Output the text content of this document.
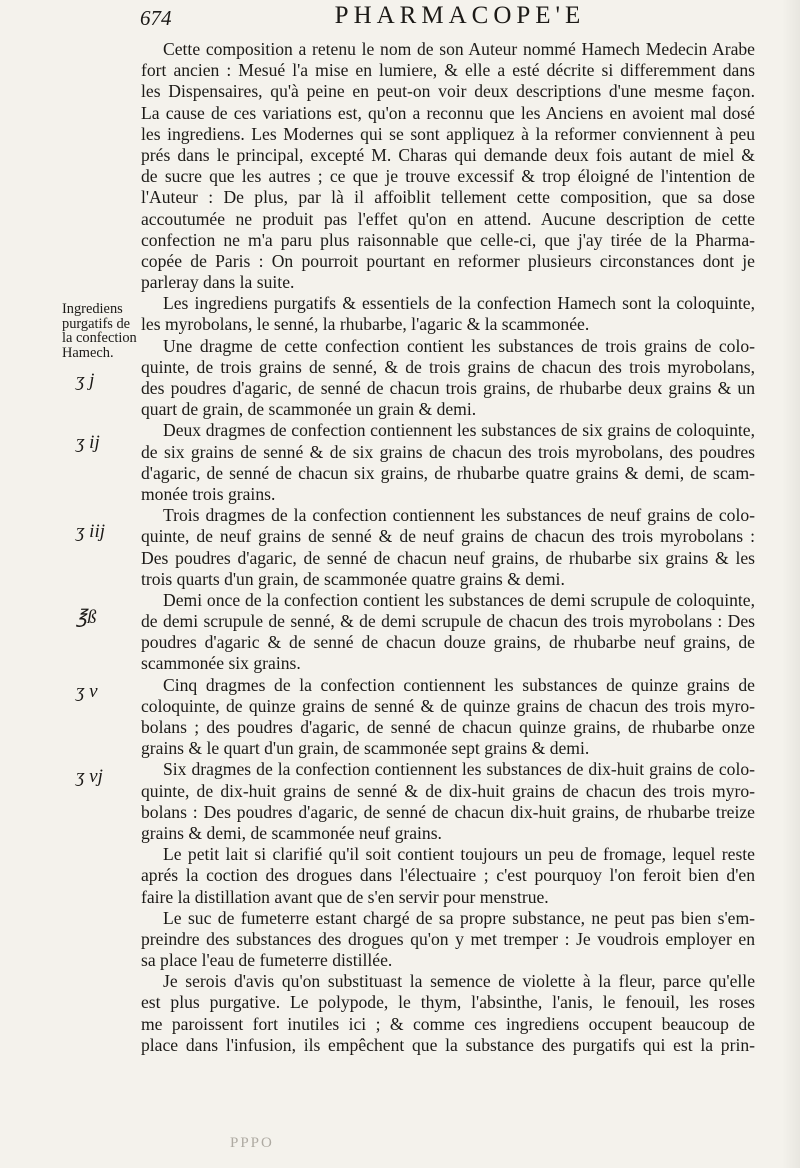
674	PHARMACOPE'E
Ingrediens
purgatifs de
la confection
Hamech.
ʒ j
ʒ ij
ʒ iij
℥ß
ʒ v
ʒ vj
Cette composition a retenu le nom de son Auteur nommé Hamech Medecin Arabe
fort ancien : Mesué l'a mise en lumiere, & elle a esté décrite si differemment dans
les Dispensaires, qu'à peine en peut-on voir deux descriptions d'une mesme façon.
La cause de ces variations est, qu'on a reconnu que les Anciens en avoient mal dosé
les ingrediens. Les Modernes qui se sont appliquez à la reformer conviennent à peu
prés dans le principal, excepté M. Charas qui demande deux fois autant de miel &
de sucre que les autres ; ce que je trouve excessif & trop éloigné de l'intention de
l'Auteur : De plus, par là il affoiblit tellement cette composition, que sa dose
accoutumée ne produit pas l'effet qu'on en attend. Aucune description de cette
confection ne m'a paru plus raisonnable que celle-ci, que j'ay tirée de la Pharma-
copée de Paris : On pourroit pourtant en reformer plusieurs circonstances dont je
parleray dans la suite.
Les ingrediens purgatifs & essentiels de la confection Hamech sont la coloquinte,
les myrobolans, le senné, la rhubarbe, l'agaric & la scammonée.
Une dragme de cette confection contient les substances de trois grains de colo-
quinte, de trois grains de senné, & de trois grains de chacun des trois myrobolans,
des poudres d'agaric, de senné de chacun trois grains, de rhubarbe deux grains & un
quart de grain, de scammonée un grain & demi.
Deux dragmes de confection contiennent les substances de six grains de coloquinte,
de six grains de senné & de six grains de chacun des trois myrobolans, des poudres
d'agaric, de senné de chacun six grains, de rhubarbe quatre grains & demi, de scam-
monée trois grains.
Trois dragmes de la confection contiennent les substances de neuf grains de colo-
quinte, de neuf grains de senné & de neuf grains de chacun des trois myrobolans :
Des poudres d'agaric, de senné de chacun neuf grains, de rhubarbe six grains & les
trois quarts d'un grain, de scammonée quatre grains & demi.
Demi once de la confection contient les substances de demi scrupule de coloquinte,
de demi scrupule de senné, & de demi scrupule de chacun des trois myrobolans : Des
poudres d'agaric & de senné de chacun douze grains, de rhubarbe neuf grains, de
scammonée six grains.
Cinq dragmes de la confection contiennent les substances de quinze grains de
coloquinte, de quinze grains de senné & de quinze grains de chacun des trois myro-
bolans ; des poudres d'agaric, de senné de chacun quinze grains, de rhubarbe onze
grains & le quart d'un grain, de scammonée sept grains & demi.
Six dragmes de la confection contiennent les substances de dix-huit grains de colo-
quinte, de dix-huit grains de senné & de dix-huit grains de chacun des trois myro-
bolans : Des poudres d'agaric, de senné de chacun dix-huit grains, de rhubarbe treize
grains & demi, de scammonée neuf grains.
Le petit lait si clarifié qu'il soit contient toujours un peu de fromage, lequel reste
aprés la coction des drogues dans l'électuaire ; c'est pourquoy l'on feroit bien d'en
faire la distillation avant que de s'en servir pour menstrue.
Le suc de fumeterre estant chargé de sa propre substance, ne peut pas bien s'em-
preindre des substances des drogues qu'on y met tremper : Je voudrois employer en
sa place l'eau de fumeterre distillée.
Je serois d'avis qu'on substituast la semence de violette à la fleur, parce qu'elle
est plus purgative. Le polypode, le thym, l'absinthe, l'anis, le fenouil, les roses
me paroissent fort inutiles ici ; & comme ces ingrediens occupent beaucoup de
place dans l'infusion, ils empêchent que la substance des purgatifs qui est la prin-
PPPO
